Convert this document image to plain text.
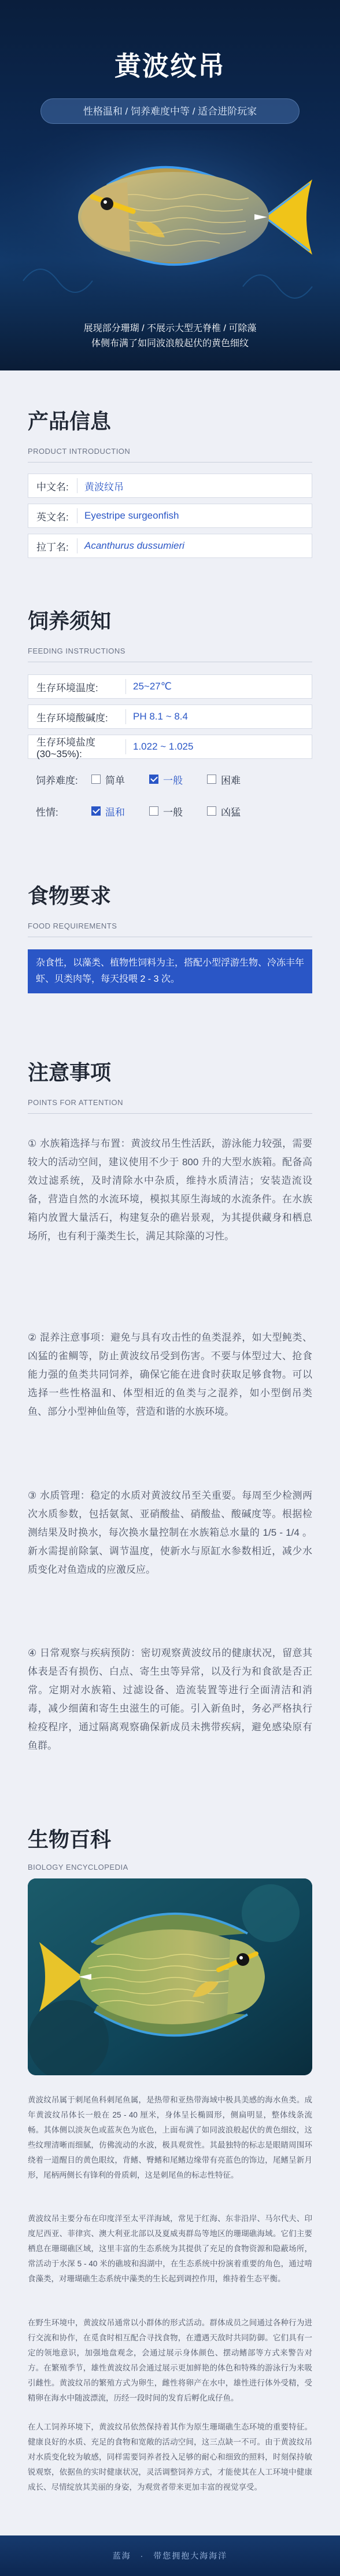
黄波纹吊
性格温和 / 饲养难度中等 / 适合进阶玩家
展现部分珊瑚 / 不展示大型无脊椎 / 可除藻
体侧布满了如同波浪般起伏的黄色细纹
产品信息
PRODUCT INTRODUCTION
中文名:	黄波纹吊
英文名:	Eyestripe surgeonfish
拉丁名:	Acanthurus dussumieri
饲养须知
FEEDING INSTRUCTIONS
生存环境温度:	25~27℃
生存环境酸碱度:	PH 8.1 ~ 8.4
生存环境盐度(30~35%):
1.022 ~ 1.025
饲养难度:	简单	一般	困难
性情:	温和	一般	凶猛
食物要求
FOOD REQUIREMENTS
杂食性，以藻类、植物性饲料为主，搭配小型浮游生物、冷冻丰年虾、贝类肉等，每天投喂 2 - 3 次。
注意事项
POINTS FOR ATTENTION
① 水族箱选择与布置：黄波纹吊生性活跃，游泳能力较强，需要较大的活动空间，建议使用不少于 800 升的大型水族箱。配备高效过滤系统，及时清除水中杂质，维持水质清洁；安装造流设备，营造自然的水流环境，模拟其原生海域的水流条件。在水族箱内放置大量活石，构建复杂的礁岩景观，为其提供藏身和栖息场所，也有利于藻类生长，满足其除藻的习性。
② 混养注意事项：避免与具有攻击性的鱼类混养，如大型鲀类、凶猛的雀鲷等，防止黄波纹吊受到伤害。不要与体型过大、抢食能力强的鱼类共同饲养，确保它能在进食时获取足够食物。可以选择一些性格温和、体型相近的鱼类与之混养，如小型倒吊类鱼、部分小型神仙鱼等，营造和谐的水族环境。
③ 水质管理：稳定的水质对黄波纹吊至关重要。每周至少检测两次水质参数，包括氨氮、亚硝酸盐、硝酸盐、酸碱度等。根据检测结果及时换水，每次换水量控制在水族箱总水量的 1/5 - 1/4 。新水需提前除氯、调节温度，使新水与原缸水参数相近，减少水质变化对鱼造成的应激反应。
④ 日常观察与疾病预防：密切观察黄波纹吊的健康状况，留意其体表是否有损伤、白点、寄生虫等异常，以及行为和食欲是否正常。定期对水族箱、过滤设备、造流装置等进行全面清洁和消毒，减少细菌和寄生虫滋生的可能。引入新鱼时，务必严格执行检疫程序，通过隔离观察确保新成员未携带疾病，避免感染原有鱼群。
生物百科
BIOLOGY ENCYCLOPEDIA
黄波纹吊属于刺尾鱼科刺尾鱼属，是热带和亚热带海域中极具美感的海水鱼类。成年黄波纹吊体长一般在 25 - 40 厘米，身体呈长椭圆形，侧扁明显，整体线条流畅。其体侧以淡灰色或蓝灰色为底色，上面布满了如同波浪般起伏的黄色细纹，这些纹理清晰而细腻，仿佛流动的水波，极具观赏性。其最独特的标志是眼睛周围环绕着一道醒目的黄色眼纹，背鳍、臀鳍和尾鳍边缘带有亮蓝色的饰边，尾鳍呈新月形，尾柄两侧长有锋利的骨质刺，这是刺尾鱼的标志性特征。
黄波纹吊主要分布在印度洋至太平洋海域，常见于红海、东非沿岸、马尔代夫、印度尼西亚、菲律宾、澳大利亚北部以及夏威夷群岛等地区的珊瑚礁海域。它们主要栖息在珊瑚礁区域，这里丰富的生态系统为其提供了充足的食物资源和隐蔽场所，常活动于水深 5 - 40 米的礁坡和潟湖中，在生态系统中扮演着重要的角色，通过啃食藻类，对珊瑚礁生态系统中藻类的生长起到调控作用，维持着生态平衡。
在野生环境中，黄波纹吊通常以小群体的形式活动。群体成员之间通过各种行为进行交流和协作，在觅食时相互配合寻找食物，在遭遇天敌时共同防御。它们具有一定的领地意识，加强地盘观念，会通过展示身体颜色、摆动鳍部等方式来警告对方。在繁殖季节，雄性黄波纹吊会通过展示更加鲜艳的体色和特殊的游泳行为来吸引雌性。黄波纹吊的繁殖方式为卵生，雌性将卵产在水中，雄性进行体外受精，受精卵在海水中随波漂流，历经一段时间的发育后孵化成仔鱼。
在人工饲养环境下，黄波纹吊依然保持着其作为原生珊瑚礁生态环境的重要特征。健康良好的水质、充足的食物和宽敞的活动空间，这三点缺一不可。由于黄波纹吊对水质变化较为敏感，同样需要饲养者投入足够的耐心和细致的照料，时刻保持敏锐观察，依据鱼的实时健康状况，灵活调整饲养方式，才能使其在人工环境中健康成长、尽情绽放其美丽的身姿，为观赏者带来更加丰富的视觉享受。
蓝海 · 带您拥抱大海海洋
